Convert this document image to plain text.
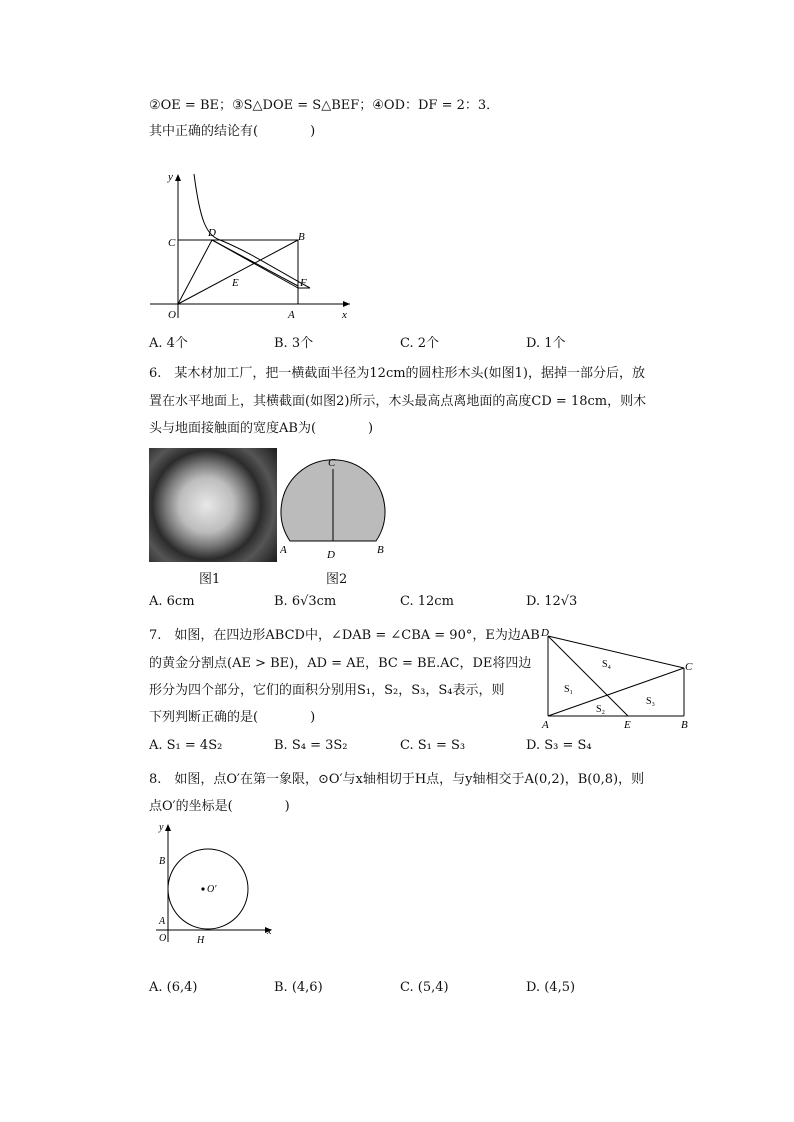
②OE = BE；③S△DOE = S△BEF；④OD：DF = 2：3．
其中正确的结论有(　　　　)
y
x
O	A
B
C
D
E	F
A. 4个	B. 3个	C. 2个	D. 1个
6.　某木材加工厂，把一横截面半径为12cm的圆柱形木头(如图1)，据掉一部分后，放
置在水平地面上，其横截面(如图2)所示，木头最高点离地面的高度CD = 18cm，则木
头与地面接触面的宽度AB为(　　　　)
C
A	D	B
图1	图2
A. 6cm	B. 6√3cm	C. 12cm	D. 12√3
7.　如图，在四边形ABCD中，∠DAB = ∠CBA = 90°，E为边AB
的黄金分割点(AE > BE)，AD = AE，BC = BE.AC，DE将四边
形分为四个部分，它们的面积分别用S₁，S₂，S₃，S₄表示，则
下列判断正确的是(　　　　)
D
C
A	E	B
S₁
S₂
S₃
S₄
A. S₁ = 4S₂	B. S₄ = 3S₂	C. S₁ = S₃	D. S₃ = S₄
8.　如图，点O′在第一象限，⊙O′与x轴相切于H点，与y轴相交于A(0,2)，B(0,8)，则
点O′的坐标是(　　　　)
y
x
B
A
O	H
O′
A. (6,4)	B. (4,6)	C. (5,4)	D. (4,5)
